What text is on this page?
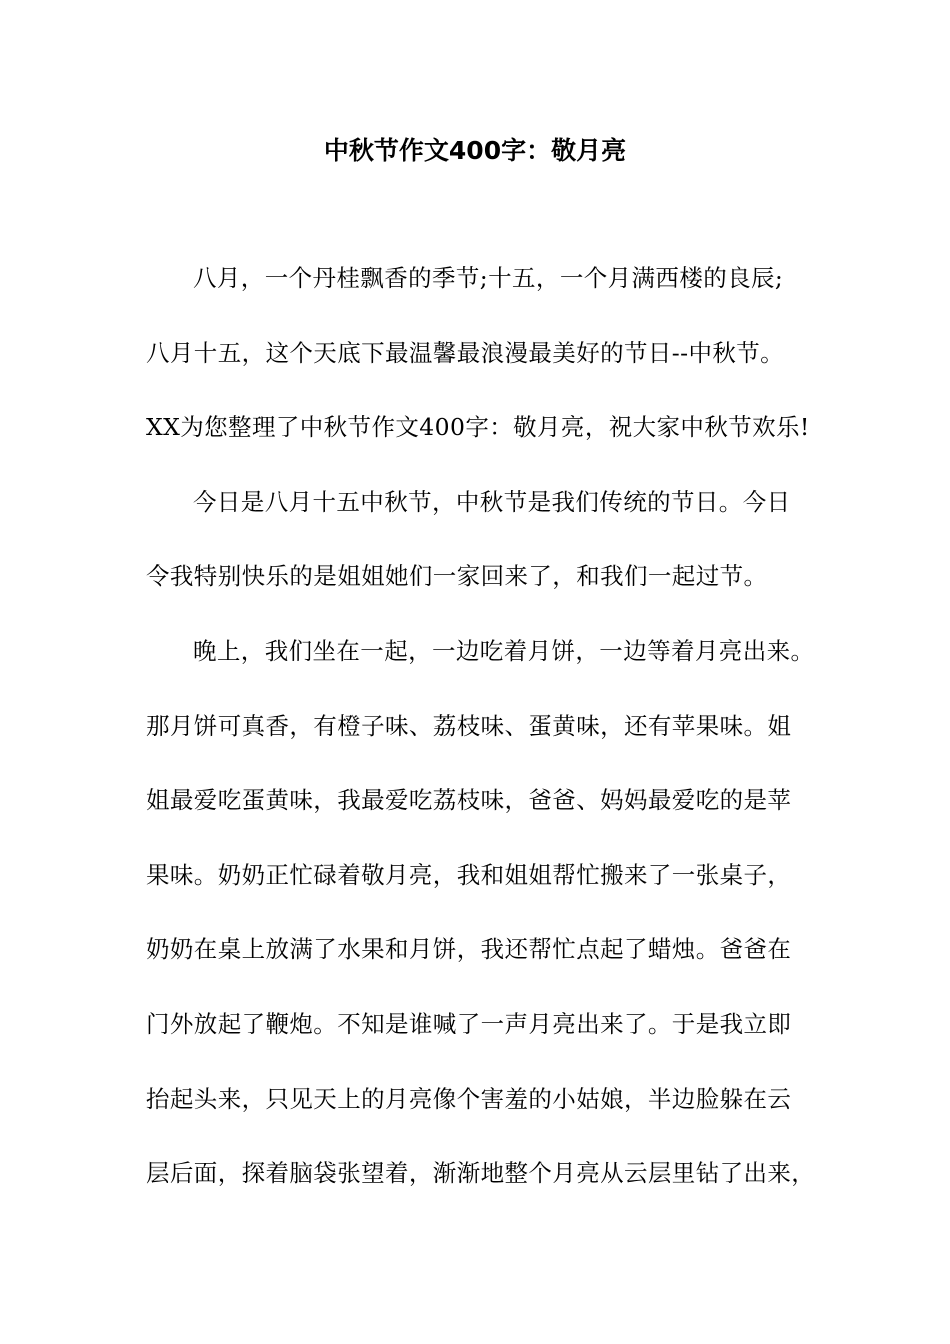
中秋节作文400字：敬月亮
八月，一个丹桂飘香的季节;十五，一个月满西楼的良辰;
八月十五，这个天底下最温馨最浪漫最美好的节日--中秋节。
XX为您整理了中秋节作文400字：敬月亮，祝大家中秋节欢乐!
今日是八月十五中秋节，中秋节是我们传统的节日。今日
令我特别快乐的是姐姐她们一家回来了，和我们一起过节。
晚上，我们坐在一起，一边吃着月饼，一边等着月亮出来。
那月饼可真香，有橙子味、荔枝味、蛋黄味，还有苹果味。姐
姐最爱吃蛋黄味，我最爱吃荔枝味，爸爸、妈妈最爱吃的是苹
果味。奶奶正忙碌着敬月亮，我和姐姐帮忙搬来了一张桌子，
奶奶在桌上放满了水果和月饼，我还帮忙点起了蜡烛。爸爸在
门外放起了鞭炮。不知是谁喊了一声月亮出来了。于是我立即
抬起头来，只见天上的月亮像个害羞的小姑娘，半边脸躲在云
层后面，探着脑袋张望着，渐渐地整个月亮从云层里钻了出来，
